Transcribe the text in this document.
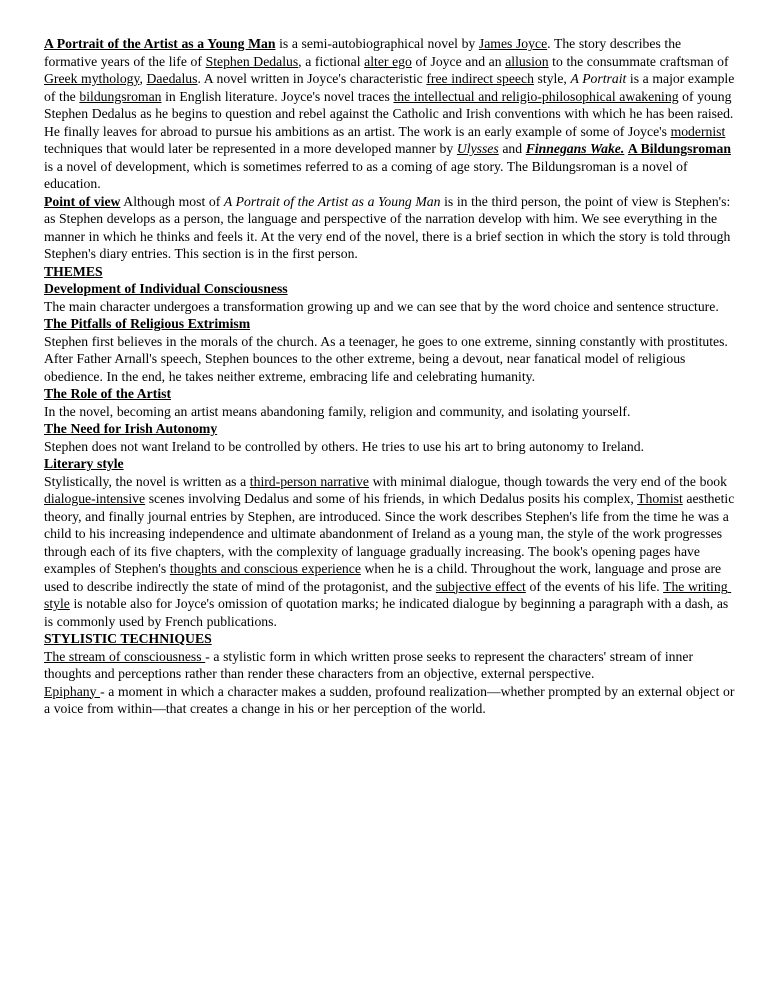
A Portrait of the Artist as a Young Man is a semi-autobiographical novel by James Joyce. The story describes the formative years of the life of Stephen Dedalus, a fictional alter ego of Joyce and an allusion to the consummate craftsman of Greek mythology, Daedalus. A novel written in Joyce's characteristic free indirect speech style, A Portrait is a major example of the bildungsroman in English literature. Joyce's novel traces the intellectual and religio-philosophical awakening of young Stephen Dedalus as he begins to question and rebel against the Catholic and Irish conventions with which he has been raised. He finally leaves for abroad to pursue his ambitions as an artist. The work is an early example of some of Joyce's modernist techniques that would later be represented in a more developed manner by Ulysses and Finnegans Wake. A Bildungsroman is a novel of development, which is sometimes referred to as a coming of age story. The Bildungsroman is a novel of education.

Point of view Although most of A Portrait of the Artist as a Young Man is in the third person, the point of view is Stephen's: as Stephen develops as a person, the language and perspective of the narration develop with him. We see everything in the manner in which he thinks and feels it. At the very end of the novel, there is a brief section in which the story is told through Stephen's diary entries. This section is in the first person.

THEMES

Development of Individual Consciousness

The main character undergoes a transformation growing up and we can see that by the word choice and sentence structure.

The Pitfalls of Religious Extrimism

Stephen first believes in the morals of the church. As a teenager, he goes to one extreme, sinning constantly with prostitutes. After Father Arnall's speech, Stephen bounces to the other extreme, being a devout, near fanatical model of religious obedience. In the end, he takes neither extreme, embracing life and celebrating humanity.

The Role of the Artist

In the novel, becoming an artist means abandoning family, religion and community, and isolating yourself.

The Need for Irish Autonomy

Stephen does not want Ireland to be controlled by others. He tries to use his art to bring autonomy to Ireland.

Literary style

Stylistically, the novel is written as a third-person narrative with minimal dialogue, though towards the very end of the book dialogue-intensive scenes involving Dedalus and some of his friends, in which Dedalus posits his complex, Thomist aesthetic theory, and finally journal entries by Stephen, are introduced. Since the work describes Stephen's life from the time he was a child to his increasing independence and ultimate abandonment of Ireland as a young man, the style of the work progresses through each of its five chapters, with the complexity of language gradually increasing. The book's opening pages have examples of Stephen's thoughts and conscious experience when he is a child. Throughout the work, language and prose are used to describe indirectly the state of mind of the protagonist, and the subjective effect of the events of his life. The writing style is notable also for Joyce's omission of quotation marks; he indicated dialogue by beginning a paragraph with a dash, as is commonly used by French publications.

STYLISTIC TECHNIQUES

The stream of consciousness - a stylistic form in which written prose seeks to represent the characters' stream of inner thoughts and perceptions rather than render these characters from an objective, external perspective.

Epiphany - a moment in which a character makes a sudden, profound realization—whether prompted by an external object or a voice from within—that creates a change in his or her perception of the world.
